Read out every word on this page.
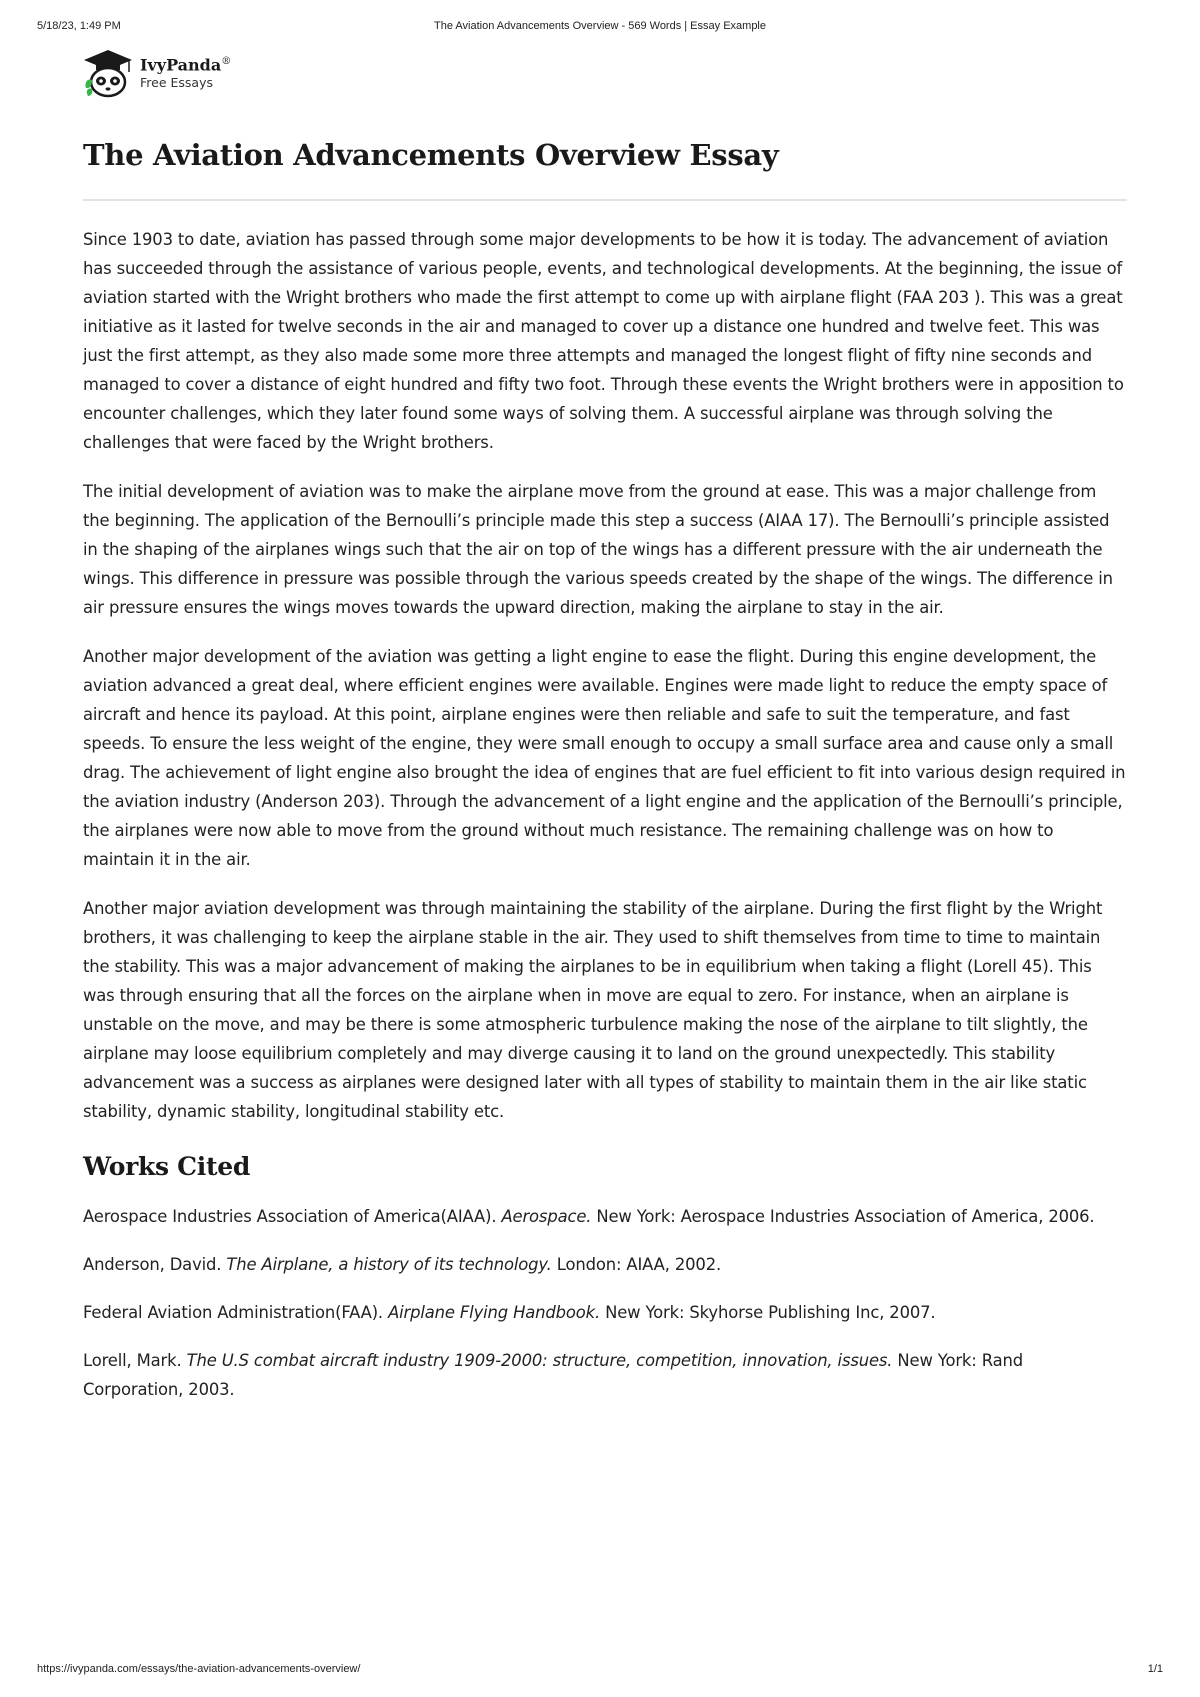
5/18/23, 1:49 PM	The Aviation Advancements Overview - 569 Words | Essay Example
IvyPanda®
Free Essays
The Aviation Advancements Overview Essay

Since 1903 to date, aviation has passed through some major developments to be how it is today. The advancement of aviation has succeeded through the assistance of various people, events, and technological developments. At the beginning, the issue of aviation started with the Wright brothers who made the first attempt to come up with airplane flight (FAA 203 ). This was a great initiative as it lasted for twelve seconds in the air and managed to cover up a distance one hundred and twelve feet. This was just the first attempt, as they also made some more three attempts and managed the longest flight of fifty nine seconds and managed to cover a distance of eight hundred and fifty two foot. Through these events the Wright brothers were in apposition to encounter challenges, which they later found some ways of solving them. A successful airplane was through solving the challenges that were faced by the Wright brothers.

The initial development of aviation was to make the airplane move from the ground at ease. This was a major challenge from the beginning. The application of the Bernoulli’s principle made this step a success (AIAA 17). The Bernoulli’s principle assisted in the shaping of the airplanes wings such that the air on top of the wings has a different pressure with the air underneath the wings. This difference in pressure was possible through the various speeds created by the shape of the wings. The difference in air pressure ensures the wings moves towards the upward direction, making the airplane to stay in the air.

Another major development of the aviation was getting a light engine to ease the flight. During this engine development, the aviation advanced a great deal, where efficient engines were available. Engines were made light to reduce the empty space of aircraft and hence its payload. At this point, airplane engines were then reliable and safe to suit the temperature, and fast speeds. To ensure the less weight of the engine, they were small enough to occupy a small surface area and cause only a small drag. The achievement of light engine also brought the idea of engines that are fuel efficient to fit into various design required in the aviation industry (Anderson 203). Through the advancement of a light engine and the application of the Bernoulli’s principle, the airplanes were now able to move from the ground without much resistance. The remaining challenge was on how to maintain it in the air.

Another major aviation development was through maintaining the stability of the airplane. During the first flight by the Wright brothers, it was challenging to keep the airplane stable in the air. They used to shift themselves from time to time to maintain the stability. This was a major advancement of making the airplanes to be in equilibrium when taking a flight (Lorell 45). This was through ensuring that all the forces on the airplane when in move are equal to zero. For instance, when an airplane is unstable on the move, and may be there is some atmospheric turbulence making the nose of the airplane to tilt slightly, the airplane may loose equilibrium completely and may diverge causing it to land on the ground unexpectedly. This stability advancement was a success as airplanes were designed later with all types of stability to maintain them in the air like static stability, dynamic stability, longitudinal stability etc.

Works Cited

Aerospace Industries Association of America(AIAA). Aerospace. New York: Aerospace Industries Association of America, 2006.

Anderson, David. The Airplane, a history of its technology. London: AIAA, 2002.

Federal Aviation Administration(FAA). Airplane Flying Handbook. New York: Skyhorse Publishing Inc, 2007.

Lorell, Mark. The U.S combat aircraft industry 1909-2000: structure, competition, innovation, issues. New York: Rand Corporation, 2003.

https://ivypanda.com/essays/the-aviation-advancements-overview/	1/1
